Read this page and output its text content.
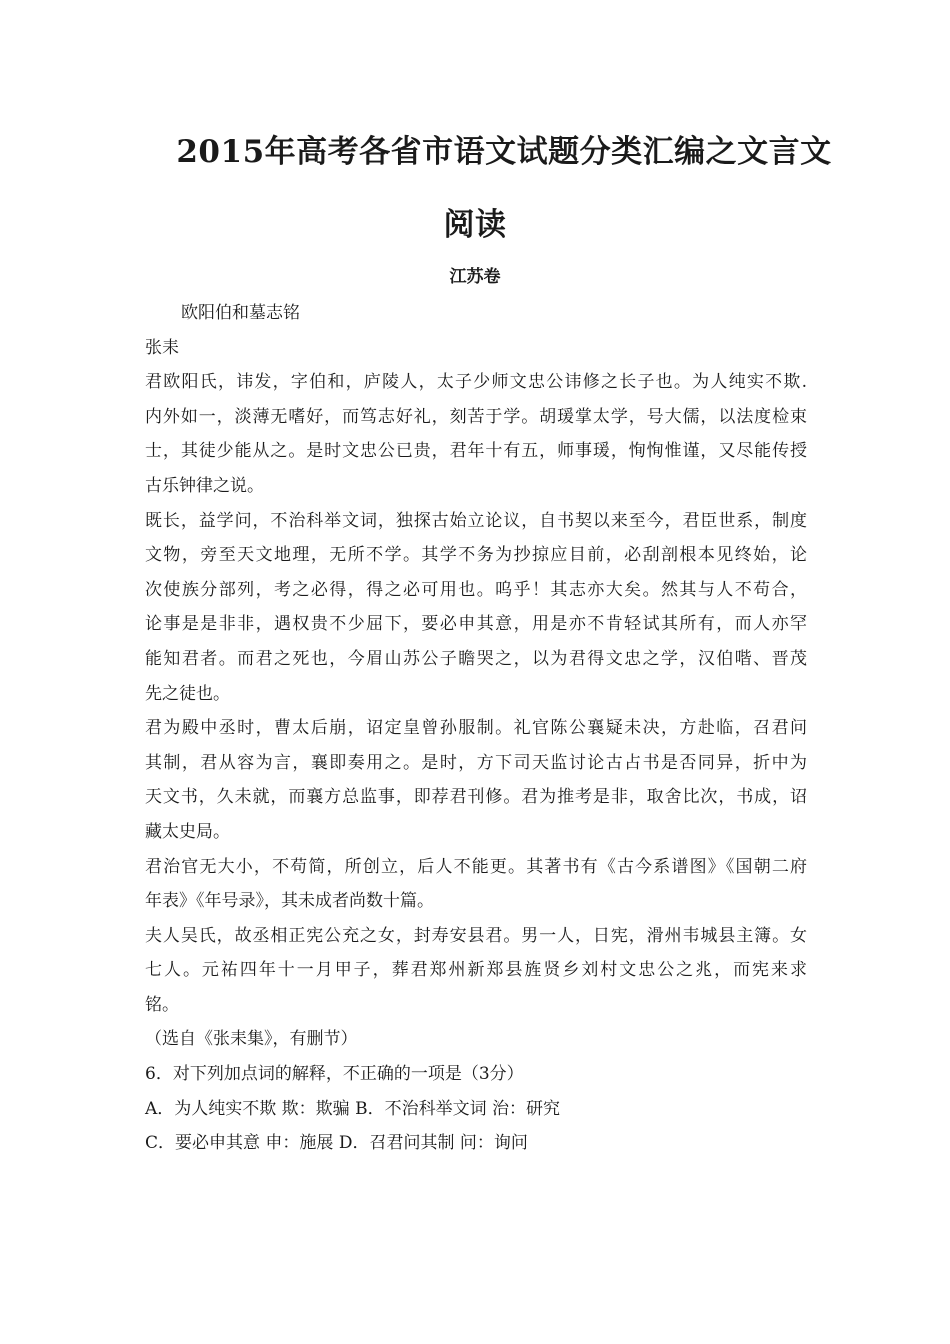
2015年高考各省市语文试题分类汇编之文言文
阅读
江苏卷
欧阳伯和墓志铭
张耒
君欧阳氏，讳发，字伯和，庐陵人，太子少师文忠公讳修之长子也。为人纯实不欺.
内外如一，淡薄无嗜好，而笃志好礼，刻苦于学。胡瑗掌太学，号大儒，以法度检束
士，其徒少能从之。是时文忠公已贵，君年十有五，师事瑗，恂恂惟谨，又尽能传授
古乐钟律之说。
既长，益学问，不治科举文词，独探古始立论议，自书契以来至今，君臣世系，制度
文物，旁至天文地理，无所不学。其学不务为抄掠应目前，必刮剖根本见终始，论
次使族分部列，考之必得，得之必可用也。呜乎！其志亦大矣。然其与人不苟合，
论事是是非非，遇权贵不少屈下，要必申其意，用是亦不肯轻试其所有，而人亦罕
能知君者。而君之死也，今眉山苏公子瞻哭之，以为君得文忠之学，汉伯喈、晋茂
先之徒也。
君为殿中丞时，曹太后崩，诏定皇曾孙服制。礼官陈公襄疑未决，方赴临，召君问
其制，君从容为言，襄即奏用之。是时，方下司天监讨论古占书是否同异，折中为
天文书，久未就，而襄方总监事，即荐君刊修。君为推考是非，取舍比次，书成，诏
藏太史局。
君治官无大小，不苟简，所创立，后人不能更。其著书有《古今系谱图》《国朝二府
年表》《年号录》，其未成者尚数十篇。
夫人吴氏，故丞相正宪公充之女，封寿安县君。男一人，日宪，滑州韦城县主簿。女
七人。元祐四年十一月甲子，葬君郑州新郑县旌贤乡刘村文忠公之兆，而宪来求
铭。
（选自《张耒集》，有删节）
6．对下列加点词的解释，不正确的一项是（3分）
A．为人纯实不欺 欺：欺骗 B．不治科举文词 治：研究
C．要必申其意 申：施展 D．召君问其制 问：询问
